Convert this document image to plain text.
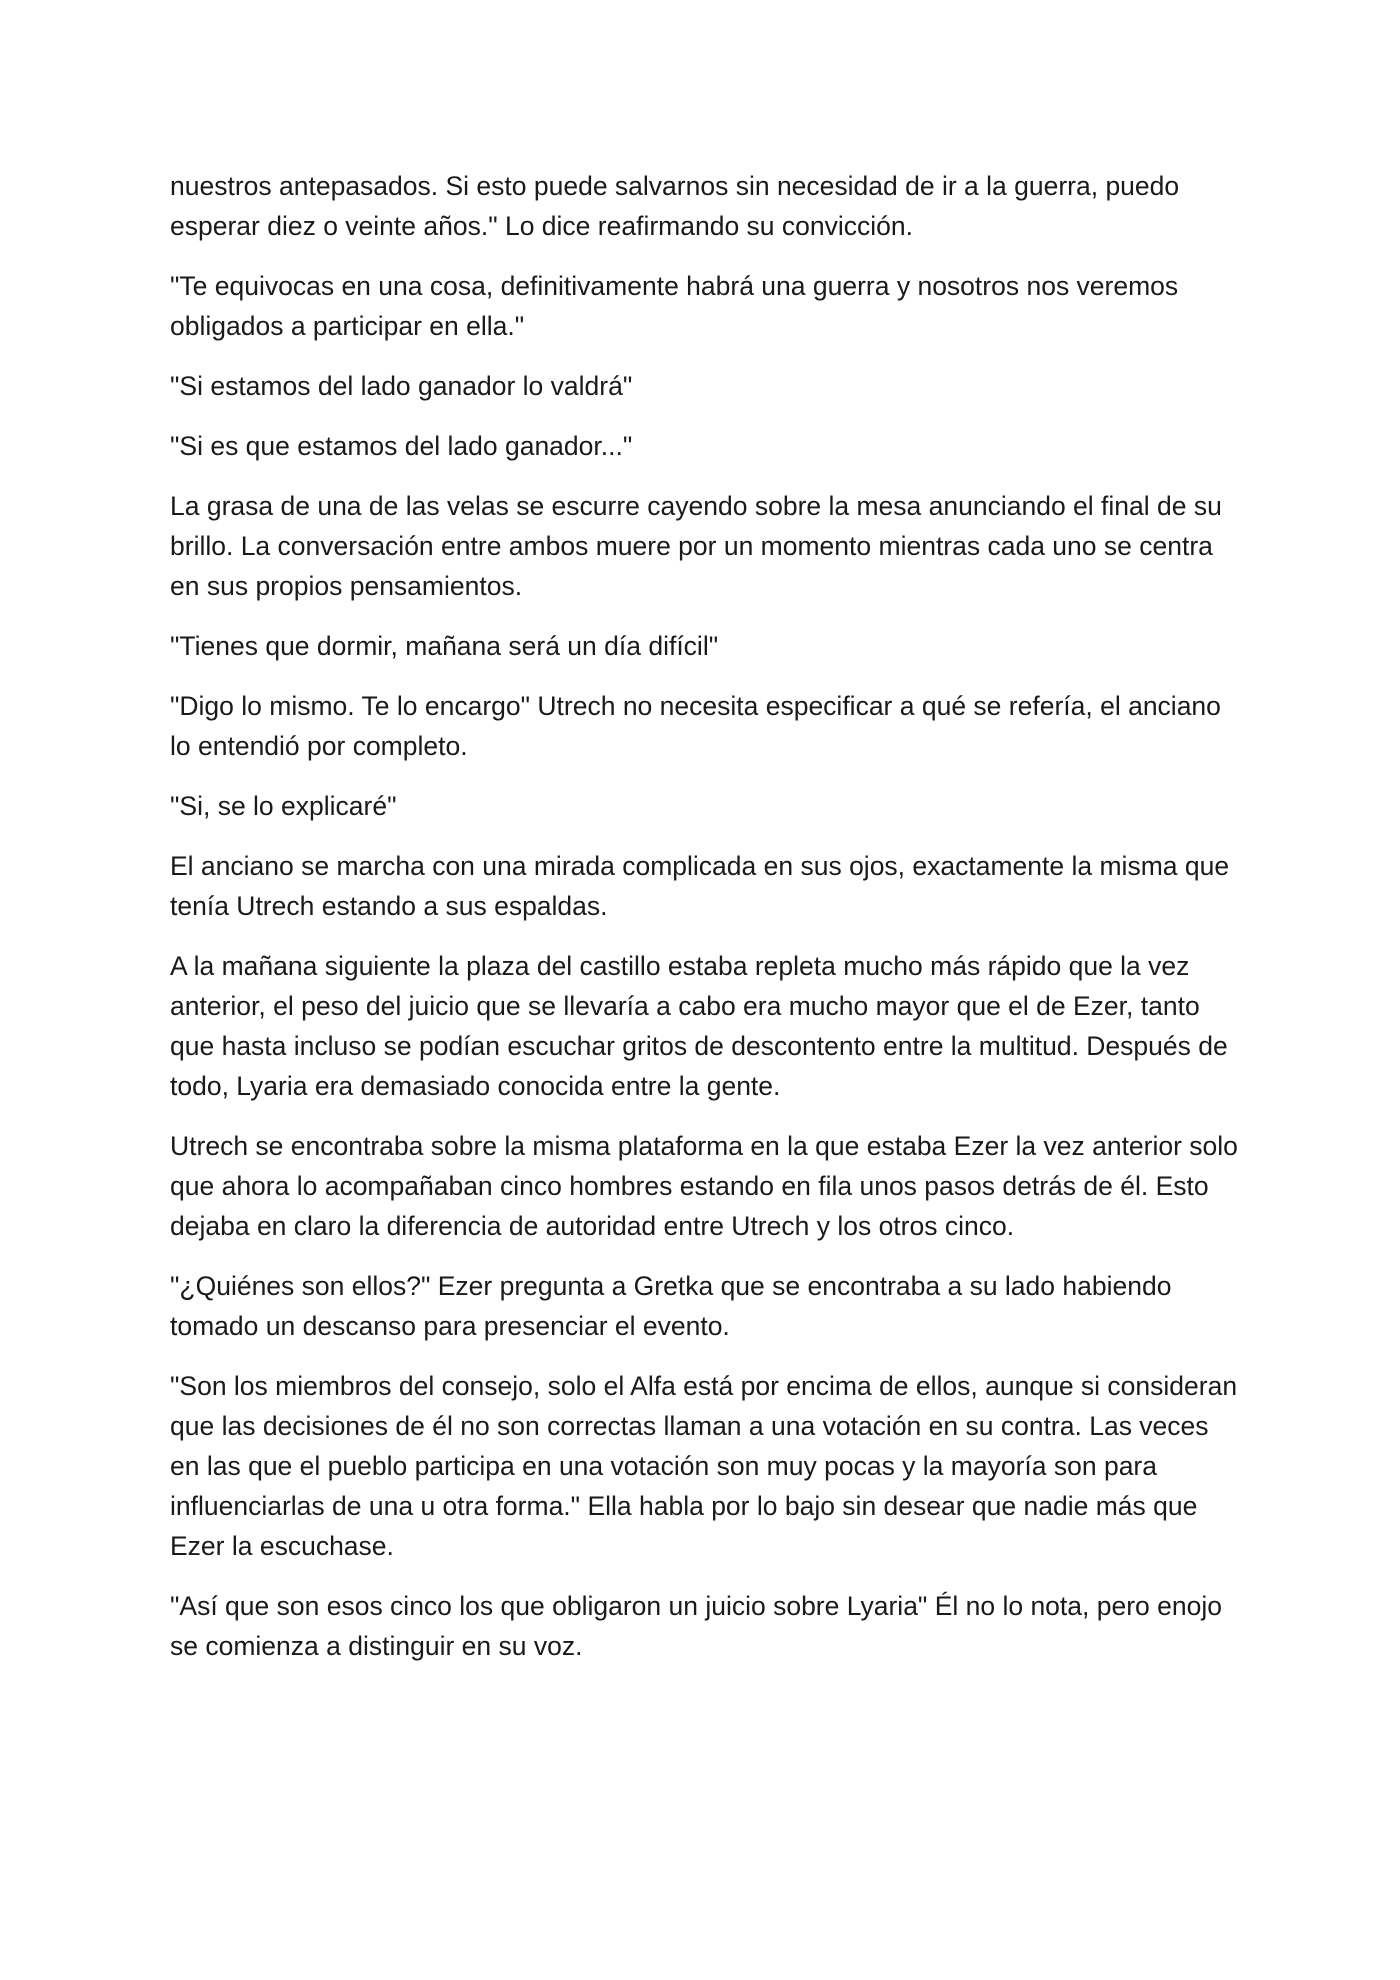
nuestros antepasados. Si esto puede salvarnos sin necesidad de ir a la guerra, puedo esperar diez o veinte años." Lo dice reafirmando su convicción.

"Te equivocas en una cosa, definitivamente habrá una guerra y nosotros nos veremos obligados a participar en ella."

"Si estamos del lado ganador lo valdrá"

"Si es que estamos del lado ganador..."

La grasa de una de las velas se escurre cayendo sobre la mesa anunciando el final de su brillo. La conversación entre ambos muere por un momento mientras cada uno se centra en sus propios pensamientos.

"Tienes que dormir, mañana será un día difícil"

"Digo lo mismo. Te lo encargo" Utrech no necesita especificar a qué se refería, el anciano lo entendió por completo.

"Si, se lo explicaré"

El anciano se marcha con una mirada complicada en sus ojos, exactamente la misma que tenía Utrech estando a sus espaldas.

A la mañana siguiente la plaza del castillo estaba repleta mucho más rápido que la vez anterior, el peso del juicio que se llevaría a cabo era mucho mayor que el de Ezer, tanto que hasta incluso se podían escuchar gritos de descontento entre la multitud. Después de todo, Lyaria era demasiado conocida entre la gente.

Utrech se encontraba sobre la misma plataforma en la que estaba Ezer la vez anterior solo que ahora lo acompañaban cinco hombres estando en fila unos pasos detrás de él. Esto dejaba en claro la diferencia de autoridad entre Utrech y los otros cinco.

"¿Quiénes son ellos?" Ezer pregunta a Gretka que se encontraba a su lado habiendo tomado un descanso para presenciar el evento.

"Son los miembros del consejo, solo el Alfa está por encima de ellos, aunque si consideran que las decisiones de él no son correctas llaman a una votación en su contra. Las veces en las que el pueblo participa en una votación son muy pocas y la mayoría son para influenciarlas de una u otra forma." Ella habla por lo bajo sin desear que nadie más que Ezer la escuchase.

"Así que son esos cinco los que obligaron un juicio sobre Lyaria" Él no lo nota, pero enojo se comienza a distinguir en su voz.
